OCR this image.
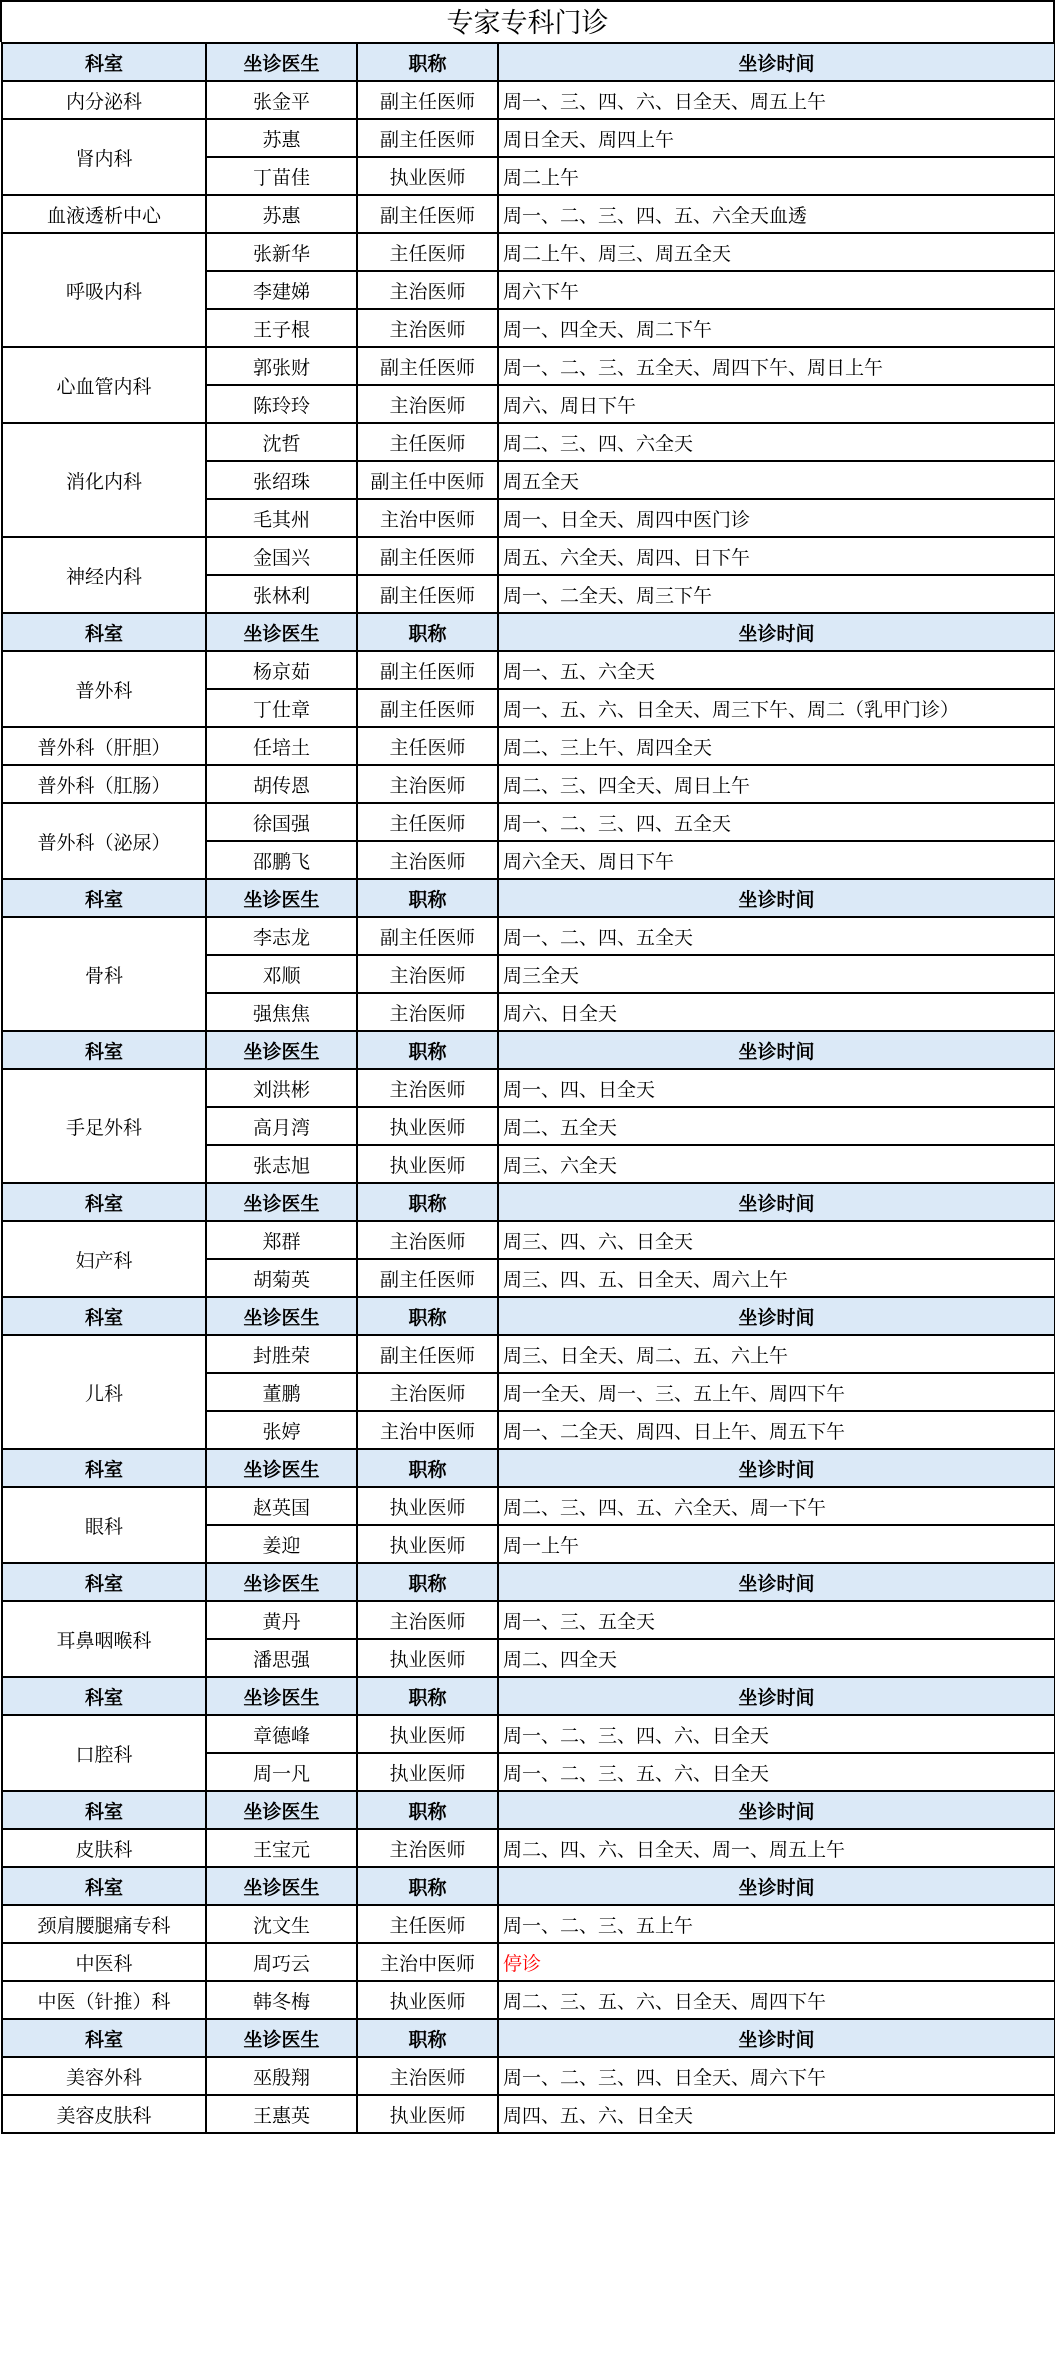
专家专科门诊
科室	坐诊医生	职称	坐诊时间
内分泌科	张金平	副主任医师	周一、三、四、六、日全天、周五上午
肾内科	苏惠	副主任医师	周日全天、周四上午
	丁苗佳	执业医师	周二上午
血液透析中心	苏惠	副主任医师	周一、二、三、四、五、六全天血透
呼吸内科	张新华	主任医师	周二上午、周三、周五全天
	李建娣	主治医师	周六下午
	王子根	主治医师	周一、四全天、周二下午
心血管内科	郭张财	副主任医师	周一、二、三、五全天、周四下午、周日上午
	陈玲玲	主治医师	周六、周日下午
消化内科	沈哲	主任医师	周二、三、四、六全天
	张绍珠	副主任中医师	周五全天
	毛其州	主治中医师	周一、日全天、周四中医门诊
神经内科	金国兴	副主任医师	周五、六全天、周四、日下午
	张林利	副主任医师	周一、二全天、周三下午
科室	坐诊医生	职称	坐诊时间
普外科	杨京茹	副主任医师	周一、五、六全天
	丁仕章	副主任医师	周一、五、六、日全天、周三下午、周二（乳甲门诊）
普外科（肝胆）	任培土	主任医师	周二、三上午、周四全天
普外科（肛肠）	胡传恩	主治医师	周二、三、四全天、周日上午
普外科（泌尿）	徐国强	主任医师	周一、二、三、四、五全天
	邵鹏飞	主治医师	周六全天、周日下午
科室	坐诊医生	职称	坐诊时间
骨科	李志龙	副主任医师	周一、二、四、五全天
	邓顺	主治医师	周三全天
	强焦焦	主治医师	周六、日全天
科室	坐诊医生	职称	坐诊时间
手足外科	刘洪彬	主治医师	周一、四、日全天
	高月湾	执业医师	周二、五全天
	张志旭	执业医师	周三、六全天
科室	坐诊医生	职称	坐诊时间
妇产科	郑群	主治医师	周三、四、六、日全天
	胡菊英	副主任医师	周三、四、五、日全天、周六上午
科室	坐诊医生	职称	坐诊时间
儿科	封胜荣	副主任医师	周三、日全天、周二、五、六上午
	董鹏	主治医师	周一全天、周一、三、五上午、周四下午
	张婷	主治中医师	周一、二全天、周四、日上午、周五下午
科室	坐诊医生	职称	坐诊时间
眼科	赵英国	执业医师	周二、三、四、五、六全天、周一下午
	姜迎	执业医师	周一上午
科室	坐诊医生	职称	坐诊时间
耳鼻咽喉科	黄丹	主治医师	周一、三、五全天
	潘思强	执业医师	周二、四全天
科室	坐诊医生	职称	坐诊时间
口腔科	章德峰	执业医师	周一、二、三、四、六、日全天
	周一凡	执业医师	周一、二、三、五、六、日全天
科室	坐诊医生	职称	坐诊时间
皮肤科	王宝元	主治医师	周二、四、六、日全天、周一、周五上午
科室	坐诊医生	职称	坐诊时间
颈肩腰腿痛专科	沈文生	主任医师	周一、二、三、五上午
中医科	周巧云	主治中医师	停诊
中医（针推）科	韩冬梅	执业医师	周二、三、五、六、日全天、周四下午
科室	坐诊医生	职称	坐诊时间
美容外科	巫殷翔	主治医师	周一、二、三、四、日全天、周六下午
美容皮肤科	王惠英	执业医师	周四、五、六、日全天
